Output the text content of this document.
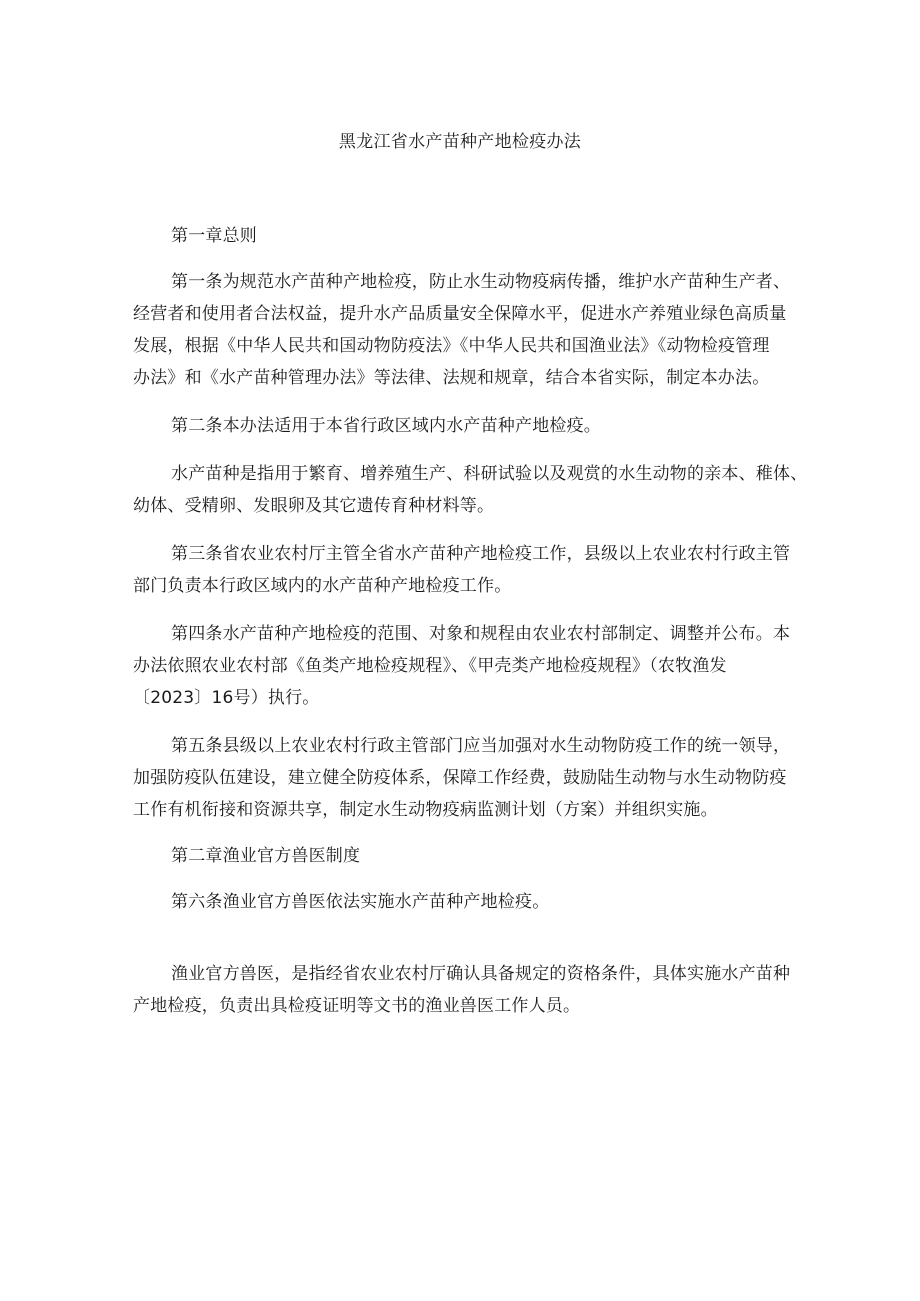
黑龙江省水产苗种产地检疫办法

第一章总则

第一条为规范水产苗种产地检疫，防止水生动物疫病传播，维护水产苗种生产者、
经营者和使用者合法权益，提升水产品质量安全保障水平，促进水产养殖业绿色高质量
发展，根据《中华人民共和国动物防疫法》《中华人民共和国渔业法》《动物检疫管理
办法》和《水产苗种管理办法》等法律、法规和规章，结合本省实际，制定本办法。

第二条本办法适用于本省行政区域内水产苗种产地检疫。

水产苗种是指用于繁育、增养殖生产、科研试验以及观赏的水生动物的亲本、稚体、
幼体、受精卵、发眼卵及其它遗传育种材料等。

第三条省农业农村厅主管全省水产苗种产地检疫工作，县级以上农业农村行政主管
部门负责本行政区域内的水产苗种产地检疫工作。

第四条水产苗种产地检疫的范围、对象和规程由农业农村部制定、调整并公布。本
办法依照农业农村部《鱼类产地检疫规程》、《甲壳类产地检疫规程》（农牧渔发
〔2023〕16号）执行。

第五条县级以上农业农村行政主管部门应当加强对水生动物防疫工作的统一领导，
加强防疫队伍建设，建立健全防疫体系，保障工作经费，鼓励陆生动物与水生动物防疫
工作有机衔接和资源共享，制定水生动物疫病监测计划（方案）并组织实施。

第二章渔业官方兽医制度

第六条渔业官方兽医依法实施水产苗种产地检疫。

渔业官方兽医，是指经省农业农村厅确认具备规定的资格条件，具体实施水产苗种
产地检疫，负责出具检疫证明等文书的渔业兽医工作人员。
